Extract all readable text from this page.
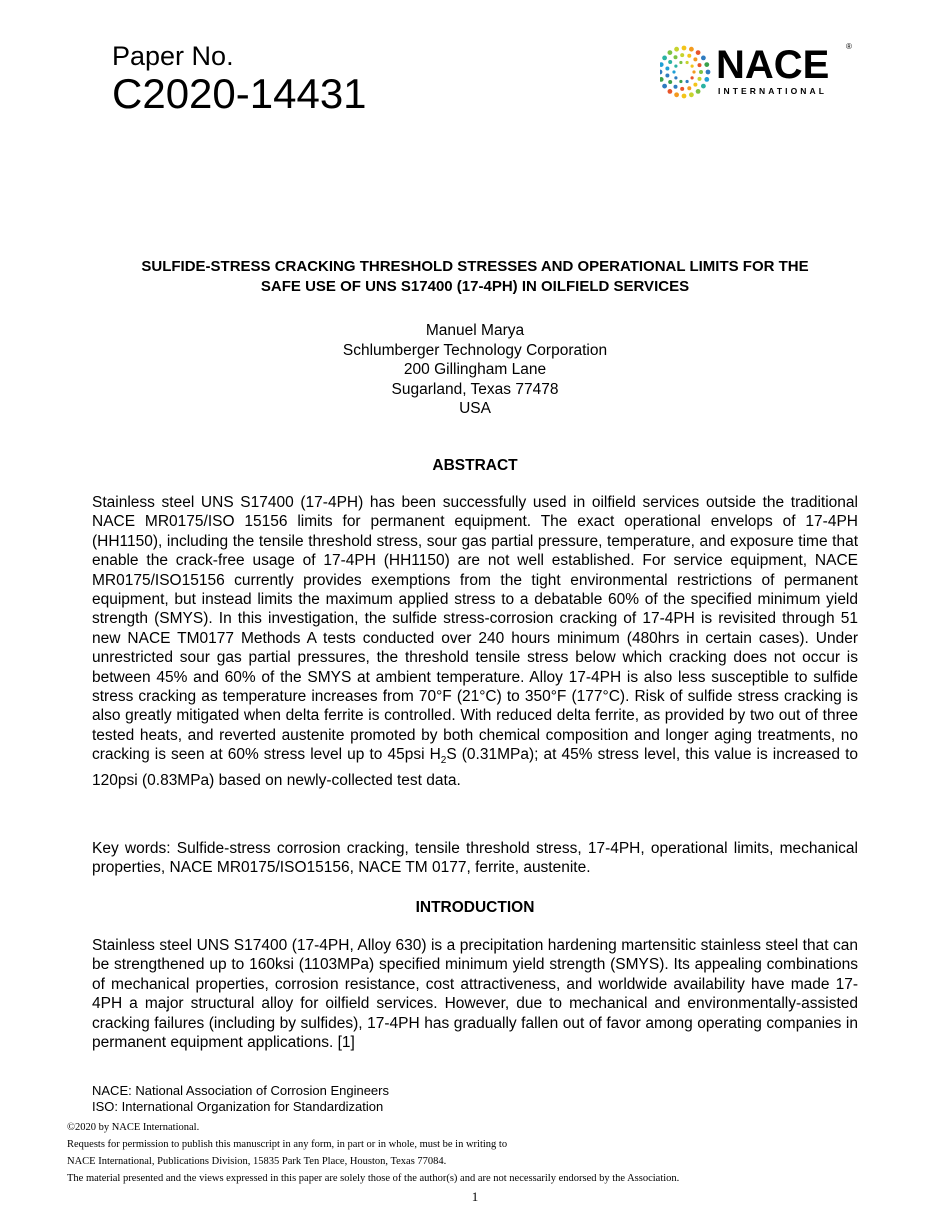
Paper No.
C2020-14431
NACE ®
INTERNATIONAL
SULFIDE-STRESS CRACKING THRESHOLD STRESSES AND OPERATIONAL LIMITS FOR THE
SAFE USE OF UNS S17400 (17-4PH) IN OILFIELD SERVICES
Manuel Marya
Schlumberger Technology Corporation
200 Gillingham Lane
Sugarland, Texas 77478
USA
ABSTRACT
Stainless steel UNS S17400 (17-4PH) has been successfully used in oilfield services outside the traditional NACE MR0175/ISO 15156 limits for permanent equipment. The exact operational envelops of 17-4PH (HH1150), including the tensile threshold stress, sour gas partial pressure, temperature, and exposure time that enable the crack-free usage of 17-4PH (HH1150) are not well established. For service equipment, NACE MR0175/ISO15156 currently provides exemptions from the tight environmental restrictions of permanent equipment, but instead limits the maximum applied stress to a debatable 60% of the specified minimum yield strength (SMYS). In this investigation, the sulfide stress-corrosion cracking of 17-4PH is revisited through 51 new NACE TM0177 Methods A tests conducted over 240 hours minimum (480hrs in certain cases). Under unrestricted sour gas partial pressures, the threshold tensile stress below which cracking does not occur is between 45% and 60% of the SMYS at ambient temperature. Alloy 17-4PH is also less susceptible to sulfide stress cracking as temperature increases from 70°F (21°C) to 350°F (177°C). Risk of sulfide stress cracking is also greatly mitigated when delta ferrite is controlled. With reduced delta ferrite, as provided by two out of three tested heats, and reverted austenite promoted by both chemical composition and longer aging treatments, no cracking is seen at 60% stress level up to 45psi $H_2S$ (0.31MPa); at 45% stress level, this value is increased to 120psi (0.83MPa) based on newly-collected test data.
Key words: Sulfide-stress corrosion cracking, tensile threshold stress, 17-4PH, operational limits, mechanical properties, NACE MR0175/ISO15156, NACE TM 0177, ferrite, austenite.
INTRODUCTION
Stainless steel UNS S17400 (17-4PH, Alloy 630) is a precipitation hardening martensitic stainless steel that can be strengthened up to 160ksi (1103MPa) specified minimum yield strength (SMYS). Its appealing combinations of mechanical properties, corrosion resistance, cost attractiveness, and worldwide availability have made 17-4PH a major structural alloy for oilfield services. However, due to mechanical and environmentally-assisted cracking failures (including by sulfides), 17-4PH has gradually fallen out of favor among operating companies in permanent equipment applications. [1]
NACE: National Association of Corrosion Engineers
ISO: International Organization for Standardization
©2020 by NACE International.
Requests for permission to publish this manuscript in any form, in part or in whole, must be in writing to
NACE International, Publications Division, 15835 Park Ten Place, Houston, Texas 77084.
The material presented and the views expressed in this paper are solely those of the author(s) and are not necessarily endorsed by the Association.
1
